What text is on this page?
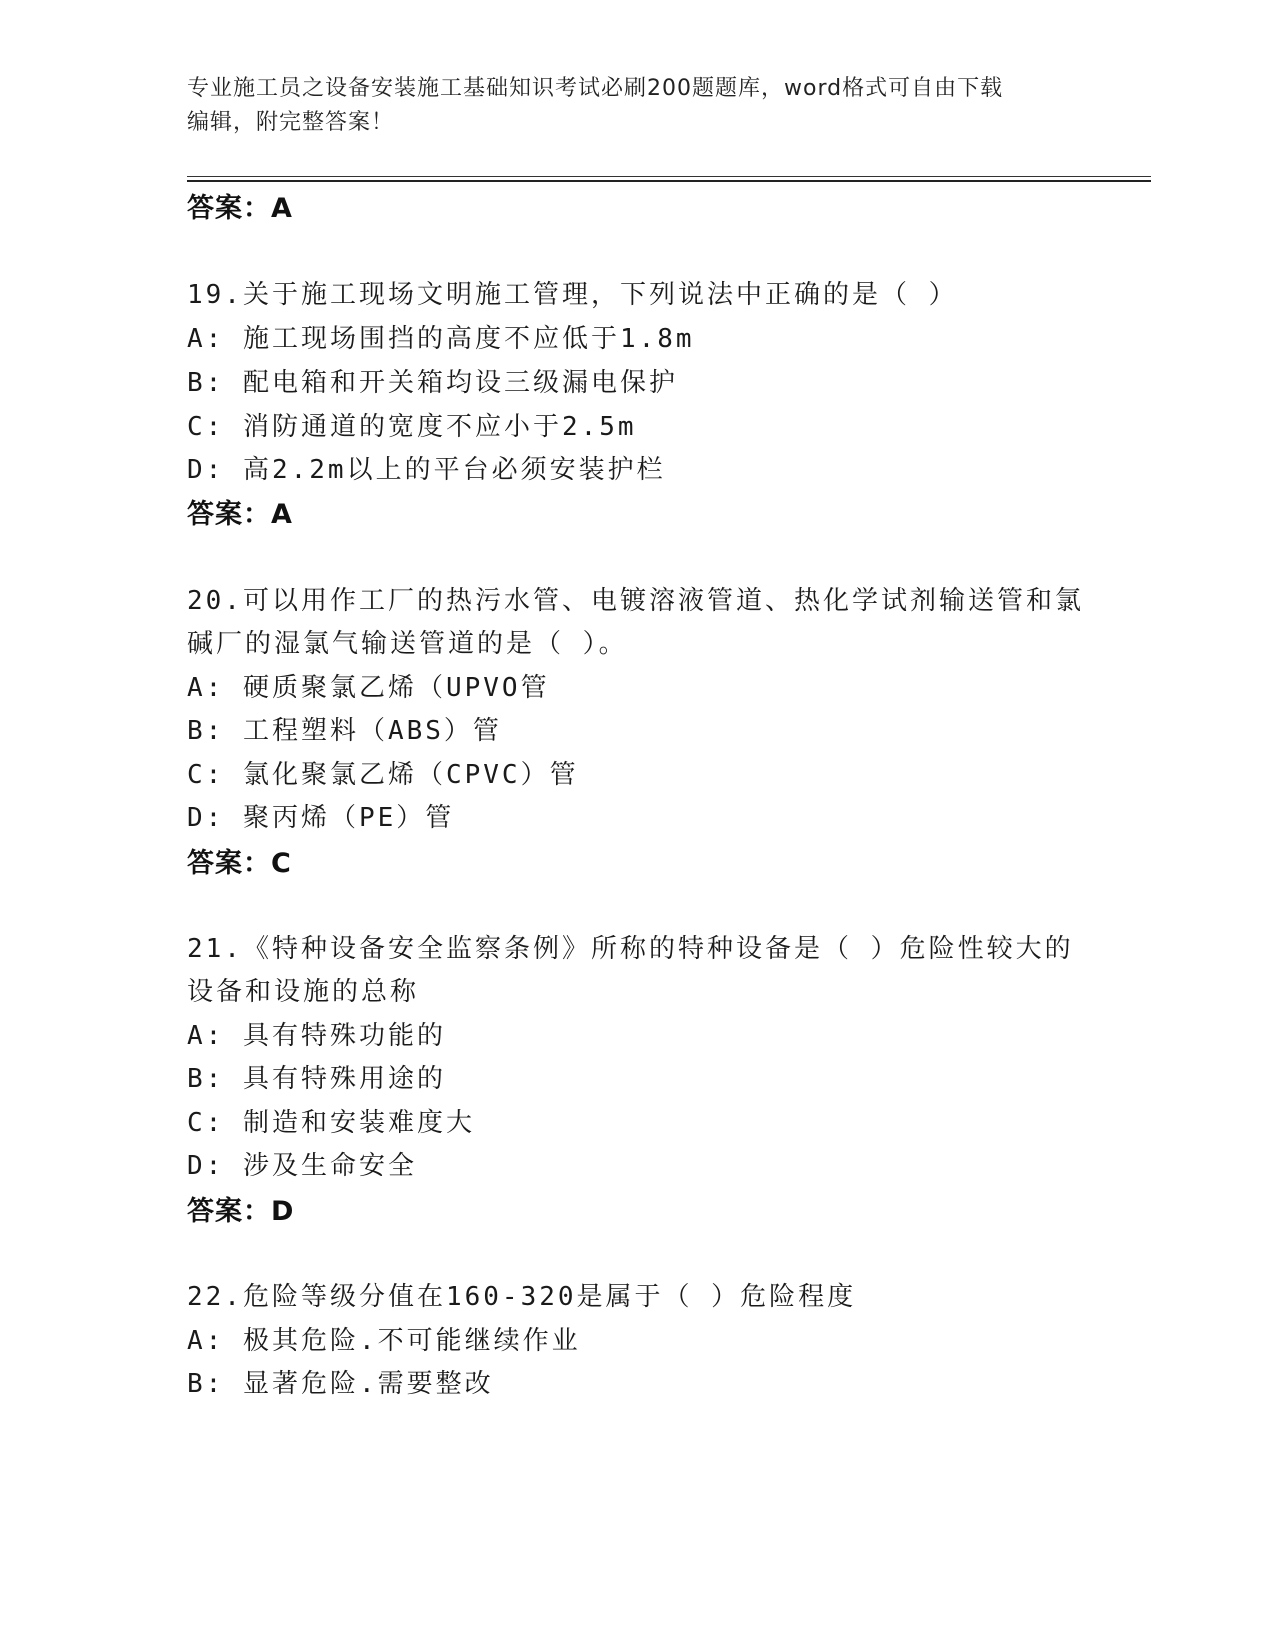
专业施工员之设备安装施工基础知识考试必刷200题题库，word格式可自由下载
编辑，附完整答案！
答案：A
19.关于施工现场文明施工管理，下列说法中正确的是（ ）
A: 施工现场围挡的高度不应低于1.8m
B: 配电箱和开关箱均设三级漏电保护
C: 消防通道的宽度不应小于2.5m
D: 高2.2m以上的平台必须安装护栏
答案：A
20.可以用作工厂的热污水管、电镀溶液管道、热化学试剂输送管和氯
碱厂的湿氯气输送管道的是（ ）。
A: 硬质聚氯乙烯（UPVO管
B: 工程塑料（ABS）管
C: 氯化聚氯乙烯（CPVC）管
D: 聚丙烯（PE）管
答案：C
21.《特种设备安全监察条例》所称的特种设备是（ ）危险性较大的
设备和设施的总称
A: 具有特殊功能的
B: 具有特殊用途的
C: 制造和安装难度大
D: 涉及生命安全
答案：D
22.危险等级分值在160-320是属于（ ）危险程度
A: 极其危险.不可能继续作业
B: 显著危险.需要整改
